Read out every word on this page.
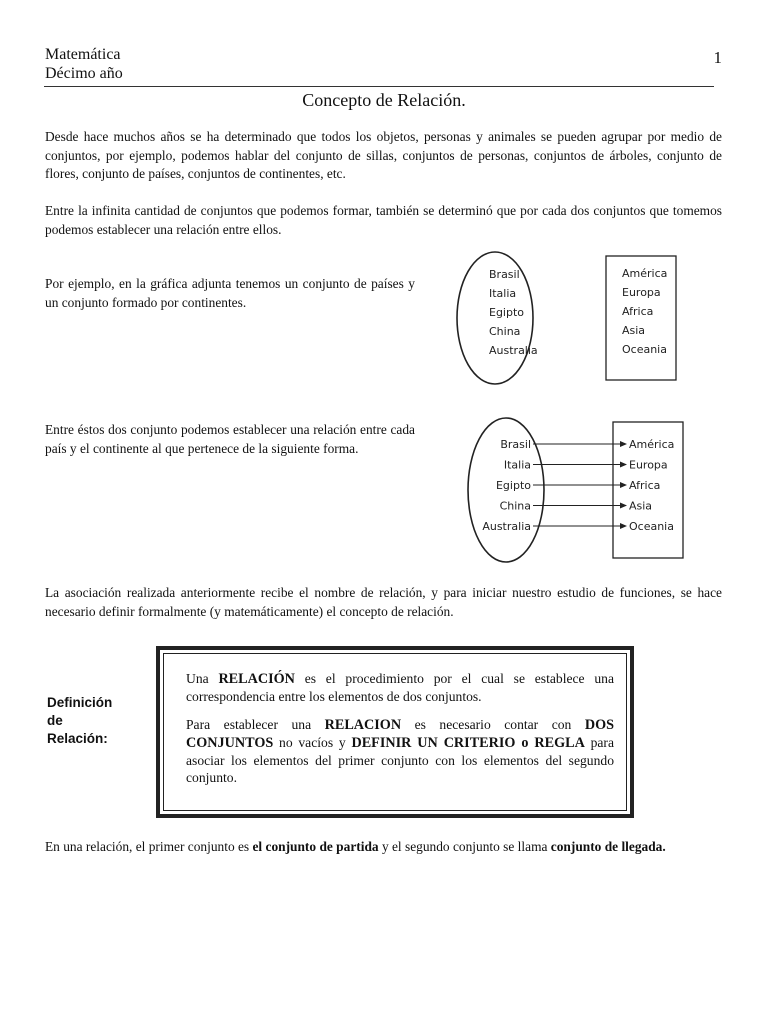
Matemática
Décimo año
1
Concepto de Relación.
Desde hace muchos años se ha determinado que todos los objetos, personas y animales se pueden agrupar por medio de conjuntos, por ejemplo, podemos hablar del conjunto de sillas, conjuntos de personas, conjuntos de árboles, conjunto de flores, conjunto de países, conjuntos de continentes, etc.
Entre la infinita cantidad de conjuntos que podemos formar, también se determinó que por cada dos conjuntos que tomemos podemos establecer una relación entre ellos.
Por ejemplo, en la gráfica adjunta tenemos un conjunto de países y un conjunto formado por continentes.
Brasil
Italia
Egipto
China
Australia
América
Europa
Africa
Asia
Oceania
Entre éstos dos conjunto podemos establecer una relación entre cada país y el continente al que pertenece de la siguiente forma.	Brasil
Italia
Egipto
China
Australia
América
Europa
Africa
Asia
Oceania
La asociación realizada anteriormente recibe el nombre de relación, y para iniciar nuestro estudio de funciones, se hace necesario definir formalmente (y matemáticamente) el concepto de relación.
Definición
de
Relación:

Una RELACIÓN es el procedimiento por el cual se establece una correspondencia entre los elementos de dos conjuntos.

Para establecer una RELACION es necesario contar con DOS CONJUNTOS no vacíos y DEFINIR UN CRITERIO o REGLA para asociar los elementos del primer conjunto con los elementos del segundo conjunto.

En una relación, el primer conjunto es el conjunto de partida y el segundo conjunto se llama conjunto de llegada.
